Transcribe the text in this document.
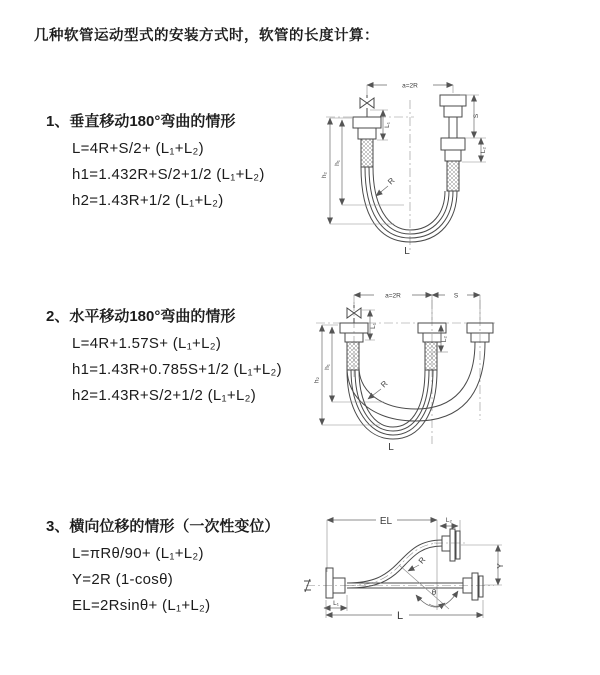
几种软管运动型式的安装方式时，软管的长度计算：
1、垂直移动180°弯曲的情形
L=4R+S/2+ (L₁+L₂)
h1=1.432R+S/2+1/2 (L₁+L₂)
h2=1.43R+1/2 (L₁+L₂)
2、水平移动180°弯曲的情形
L=4R+1.57S+ (L₁+L₂)
h1=1.43R+0.785S+1/2 (L₁+L₂)
h2=1.43R+S/2+1/2 (L₁+L₂)
3、横向位移的情形（一次性变位）
L=πRθ/90+ (L₁+L₂)
Y=2R (1-cosθ)
EL=2Rsinθ+ (L₁+L₂)
a=2R
h₂
h₁
L₁
S
L₂
R
L
a=2R	S
h₂
h₁
L₁
L₂
R
L
EL	L₂
θ
R
Y
L₁
L
